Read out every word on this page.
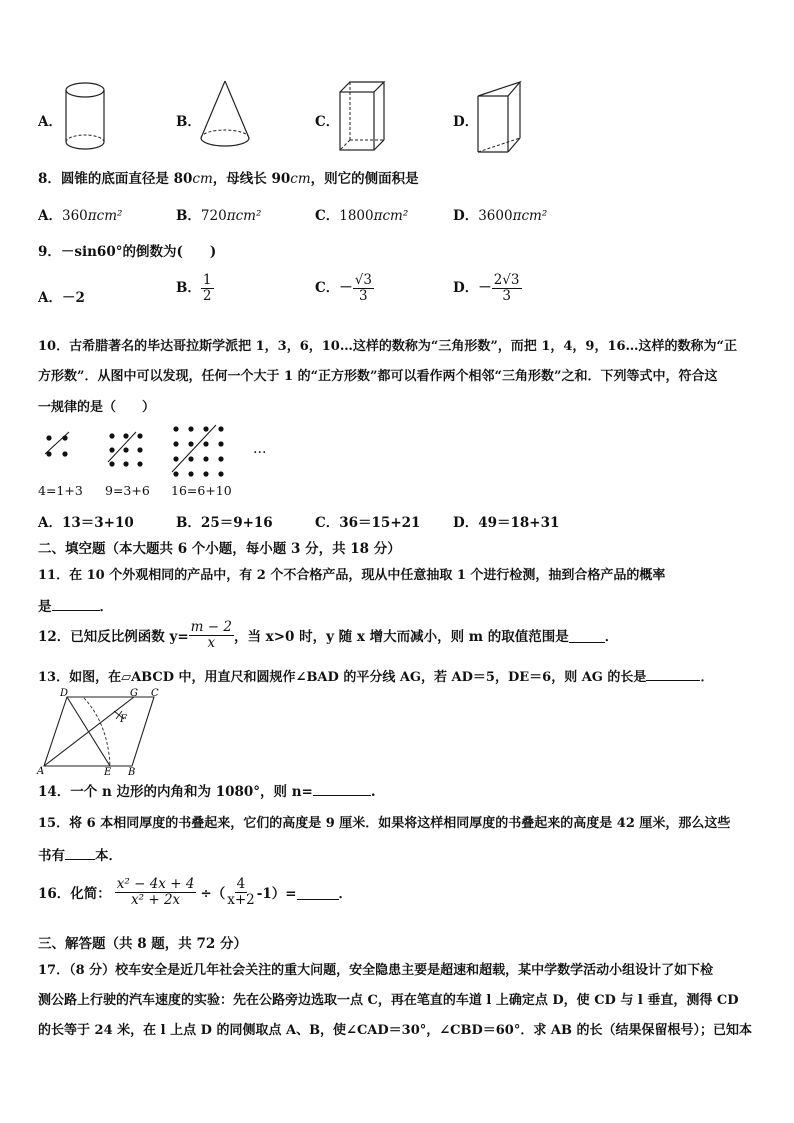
A．	B．	C．	D．
8．圆锥的底面直径是 80cm，母线长 90cm，则它的侧面积是
A．360πcm²	B．720πcm²	C．1800πcm²	D．3600πcm²
9．－sin60°的倒数为(　　)
A．－2
B． $\frac{1}{2}$	C．－ $\frac{√3}{3}$	D．－ $\frac{2√3}{3}$
10．古希腊著名的毕达哥拉斯学派把 1，3，6，10…这样的数称为“三角形数”，而把 1，4，9，16…这样的数称为“正
方形数”．从图中可以发现，任何一个大于 1 的“正方形数”都可以看作两个相邻“三角形数”之和．下列等式中，符合这
一规律的是（　　）
…
4=1+3 9=3+6 16=6+10
A．13＝3+10	B．25＝9+16	C．36＝15+21 D．49＝18+31
二、填空题（本大题共 6 个小题，每小题 3 分，共 18 分）
11．在 10 个外观相同的产品中，有 2 个不合格产品，现从中任意抽取 1 个进行检测，抽到合格产品的概率
是	．
12．已知反比例函数 $y= \frac{m - 2}{x}$ ，当 x>0 时，y 随 x 增大而减小，则 m 的取值范围是	．
13．如图，在▱ABCD 中，用直尺和圆规作∠BAD 的平分线 AG，若 AD＝5，DE＝6，则 AG 的长是	．
D	G C
F
A	E B
14．一个 n 边形的内角和为 1080°，则 n=	.
15．将 6 本相同厚度的书叠起来，它们的高度是 9 厘米．如果将这样相同厚度的书叠起来的高度是 42 厘米，那么这些
书有 本．
16．化简： $\frac{\text{x² − 4x + 4}}{\text{x² + 2x}}$ ÷（ $\frac{4}{x+2} -1)=$	．
三、解答题（共 8 题，共 72 分）
17．（8 分）校车安全是近几年社会关注的重大问题，安全隐患主要是超速和超载，某中学数学活动小组设计了如下检
测公路上行驶的汽车速度的实验：先在公路旁边选取一点 C，再在笔直的车道 l 上确定点 D，使 CD 与 l 垂直，测得 CD
的长等于 24 米，在 l 上点 D 的同侧取点 A、B，使∠CAD＝30°，∠CBD＝60°．求 AB 的长（结果保留根号）；已知本
